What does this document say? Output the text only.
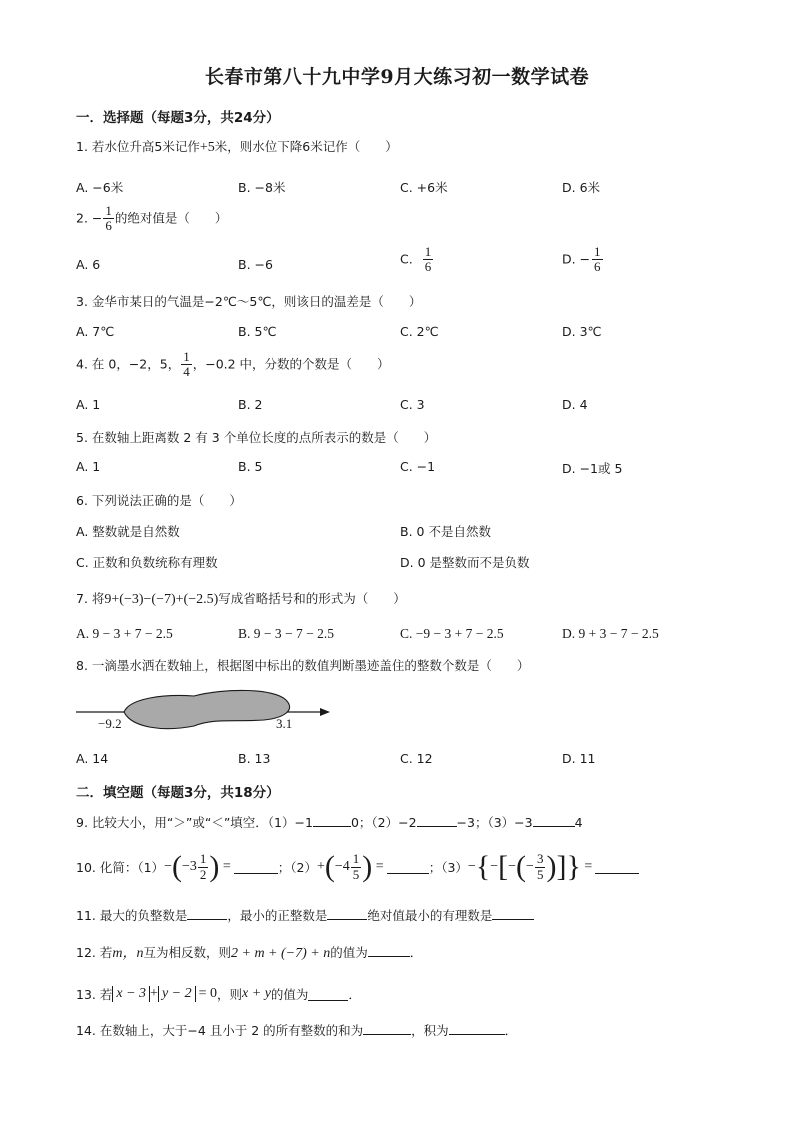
长春市第八十九中学9月大练习初一数学试卷
一．选择题（每题3分，共24分）
1. 若水位升高5米记作+5米，则水位下降6米记作（　　）
A. −6米	B. −8米	C. +6米	D. 6米
2. − $\frac{1}{6}$ 的绝对值是（　　）
A. 6	B. −6	C. $\frac{1}{6}$	D. − $\frac{1}{6}$
3. 金华市某日的气温是−2℃～5℃，则该日的温差是（　　）
A. 7℃	B. 5℃	C. 2℃	D. 3℃
4. 在 0，−2，5， $\frac{1}{4}$ ，−0.2 中，分数的个数是（　　）
A. 1	B. 2	C. 3	D. 4
5. 在数轴上距离数 2 有 3 个单位长度的点所表示的数是（　　）
A. 1	B. 5	C. −1	D. −1或 5
6. 下列说法正确的是（　　）
A. 整数就是自然数	B. 0 不是自然数
C. 正数和负数统称有理数	D. 0 是整数而不是负数
7. 将9+(−3)−(−7)+(−2.5)写成省略括号和的形式为（　　）
A. 9 − 3 + 7 − 2.5	B. 9 − 3 − 7 − 2.5	C. −9 − 3 + 7 − 2.5	D. 9 + 3 − 7 − 2.5
8. 一滴墨水洒在数轴上，根据图中标出的数值判断墨迹盖住的整数个数是（　　）
−9.2	3.1
A. 14	B. 13	C. 12	D. 11
二．填空题（每题3分，共18分）
9. 比较大小，用“＞”或“＜”填空．（1）−1	0；（2）−2	−3；（3）−3	4
10. 化简：$(1) -(-3 \frac{1}{2}$ ) =	；$(2) +(-4 \frac{1}{5}$ ) =	；（3） −{−[−(− $\frac{3}{5}$ )]} =
11. 最大的负整数是	，最小的正整数是	绝对值最小的有理数是
12. 若m，n互为相反数，则2 + m + (−7) + n的值为	．
13. 若 x − 3 + y − 2 = 0 ，则 x + y 的值为	．
14. 在数轴上，大于−4 且小于 2 的所有整数的和为	，积为	．
